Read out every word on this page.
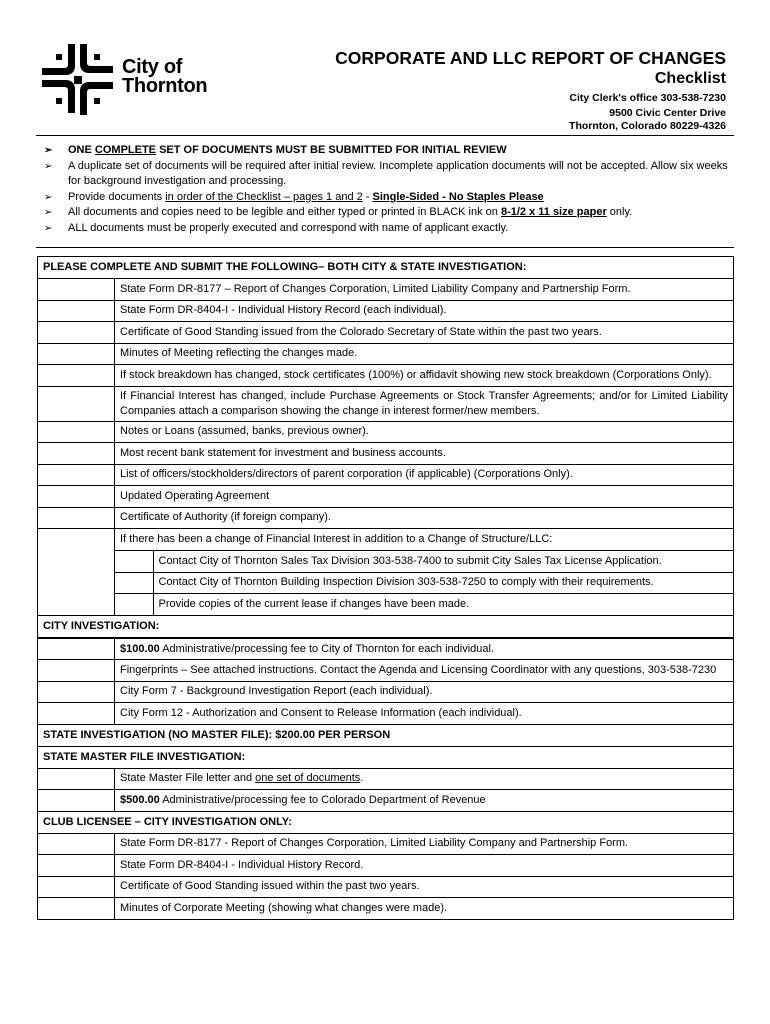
City of
Thornton
CORPORATE AND LLC REPORT OF CHANGES
Checklist
City Clerk's office 303-538-7230
9500 Civic Center Drive
Thornton, Colorado 80229-4326
➢ ONE COMPLETE SET OF DOCUMENTS MUST BE SUBMITTED FOR INITIAL REVIEW
➢ A duplicate set of documents will be required after initial review. Incomplete application documents will not be accepted. Allow six weeks for background investigation and processing.
➢ Provide documents in order of the Checklist – pages 1 and 2 - Single-Sided - No Staples Please
➢ All documents and copies need to be legible and either typed or printed in BLACK ink on 8-1/2 x 11 size paper only.
➢ ALL documents must be properly executed and correspond with name of applicant exactly.
PLEASE COMPLETE AND SUBMIT THE FOLLOWING– BOTH CITY & STATE INVESTIGATION:
	State Form DR-8177 – Report of Changes Corporation, Limited Liability Company and Partnership Form.
	State Form DR-8404-I - Individual History Record (each individual).
	Certificate of Good Standing issued from the Colorado Secretary of State within the past two years.
	Minutes of Meeting reflecting the changes made.
	If stock breakdown has changed, stock certificates (100%) or affidavit showing new stock breakdown (Corporations Only).
	If Financial Interest has changed, include Purchase Agreements or Stock Transfer Agreements; and/or for Limited Liability Companies attach a comparison showing the change in interest former/new members.
	Notes or Loans (assumed, banks, previous owner).
	Most recent bank statement for investment and business accounts.
	List of officers/stockholders/directors of parent corporation (if applicable) (Corporations Only).
	Updated Operating Agreement
	Certificate of Authority (if foreign company).
	If there has been a change of Financial Interest in addition to a Change of Structure/LLC:

	Contact City of Thornton Sales Tax Division 303-538-7400 to submit City Sales Tax License Application.
	Contact City of Thornton Building Inspection Division 303-538-7250 to comply with their requirements.
	Provide copies of the current lease if changes have been made.

CITY INVESTIGATION:
	$100.00 Administrative/processing fee to City of Thornton for each individual.
	Fingerprints – See attached instructions. Contact the Agenda and Licensing Coordinator with any questions, 303-538-7230
	City Form 7 - Background Investigation Report (each individual).
	City Form 12 - Authorization and Consent to Release Information (each individual).
STATE INVESTIGATION (NO MASTER FILE): $200.00 PER PERSON
STATE MASTER FILE INVESTIGATION:
	State Master File letter and one set of documents.
	$500.00 Administrative/processing fee to Colorado Department of Revenue
CLUB LICENSEE – CITY INVESTIGATION ONLY:
	State Form DR-8177 - Report of Changes Corporation, Limited Liability Company and Partnership Form.
	State Form DR-8404-I - Individual History Record.
	Certificate of Good Standing issued within the past two years.
	Minutes of Corporate Meeting (showing what changes were made).
